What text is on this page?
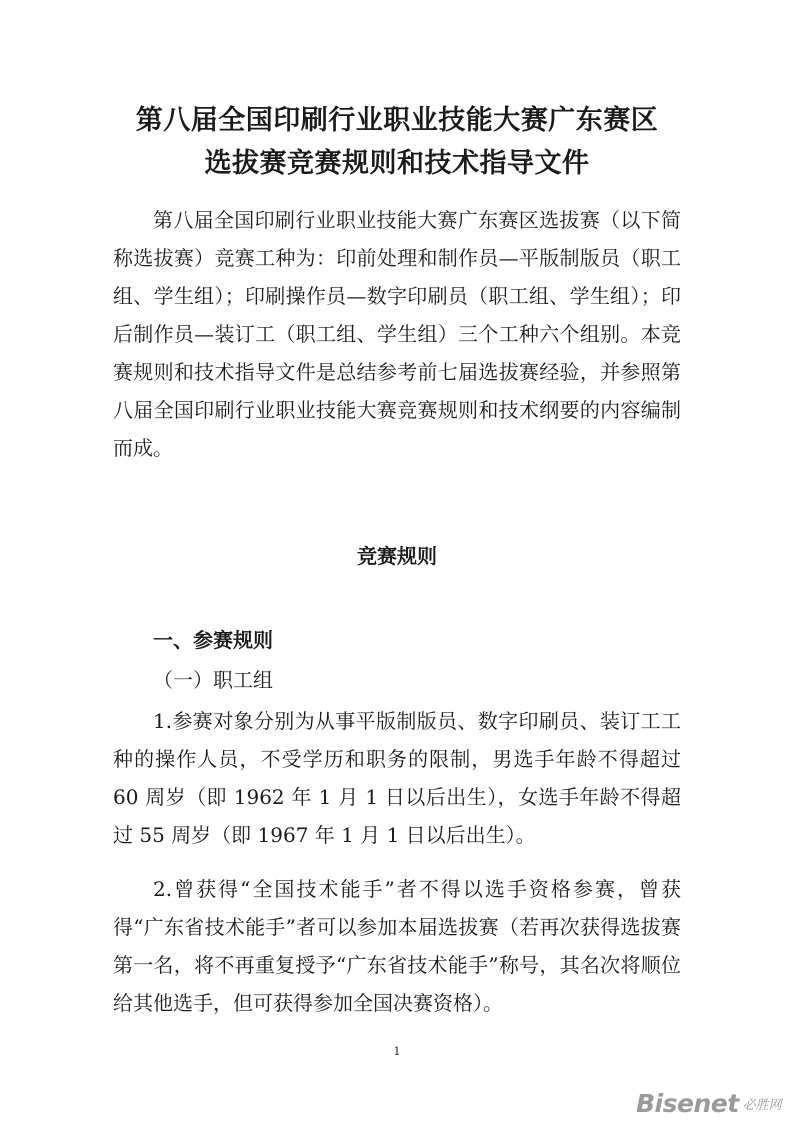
第八届全国印刷行业职业技能大赛广东赛区
选拔赛竞赛规则和技术指导文件
第八届全国印刷行业职业技能大赛广东赛区选拔赛（以下简称选拔赛）竞赛工种为：印前处理和制作员—平版制版员（职工组、学生组）；印刷操作员—数字印刷员（职工组、学生组）；印后制作员—装订工（职工组、学生组）三个工种六个组别。本竞赛规则和技术指导文件是总结参考前七届选拔赛经验，并参照第八届全国印刷行业职业技能大赛竞赛规则和技术纲要的内容编制而成。
竞赛规则
一、参赛规则
（一）职工组
1.参赛对象分别为从事平版制版员、数字印刷员、装订工工种的操作人员，不受学历和职务的限制，男选手年龄不得超过 60 周岁（即 1962 年 1 月 1 日以后出生），女选手年龄不得超过 55 周岁（即 1967 年 1 月 1 日以后出生）。
2.曾获得“全国技术能手”者不得以选手资格参赛，曾获得“广东省技术能手”者可以参加本届选拔赛（若再次获得选拔赛第一名，将不再重复授予“广东省技术能手”称号，其名次将顺位给其他选手，但可获得参加全国决赛资格）。
1
Bisenet 必胜网
